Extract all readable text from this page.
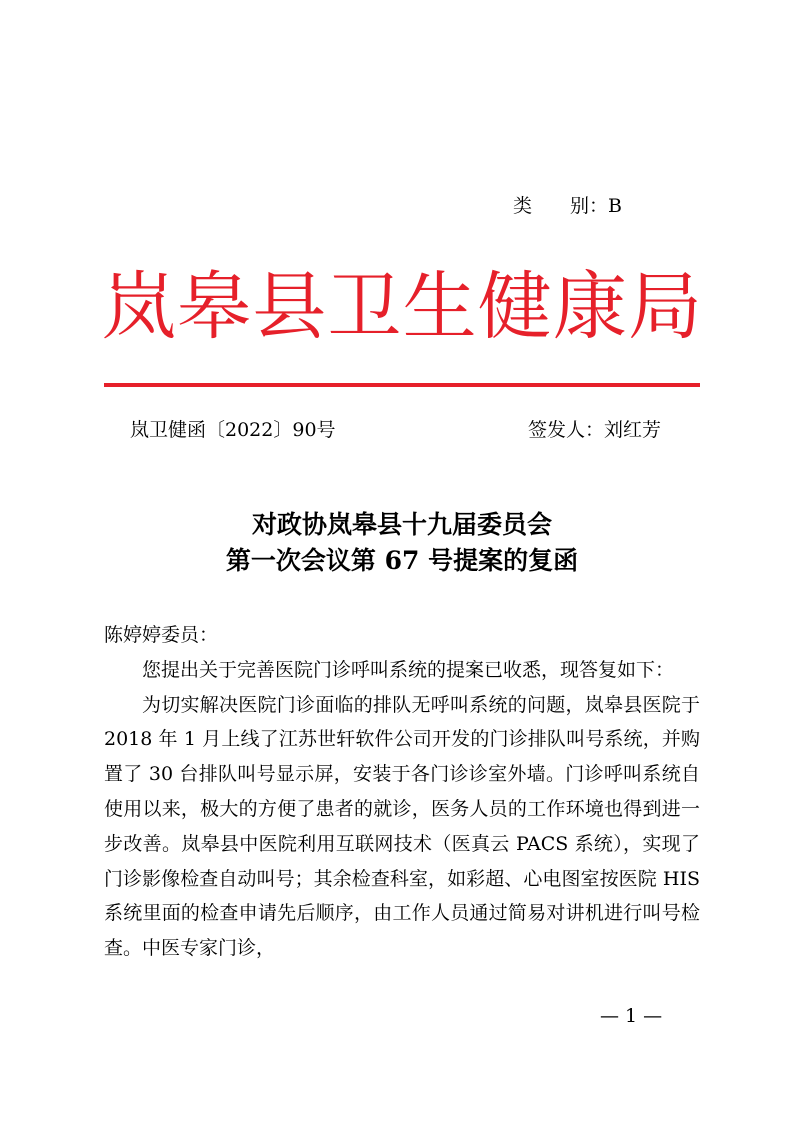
类　　别：B
岚 皋 县 卫 生 健 康 局
岚卫健函〔2022〕90号	签发人：刘红芳
对政协岚皋县十九届委员会
第一次会议第 67 号提案的复函

陈婷婷委员：

您提出关于完善医院门诊呼叫系统的提案已收悉，现答复如下：

为切实解决医院门诊面临的排队无呼叫系统的问题，岚皋县医院于 2018 年 1 月上线了江苏世轩软件公司开发的门诊排队叫号系统，并购置了 30 台排队叫号显示屏，安装于各门诊诊室外墙。门诊呼叫系统自使用以来，极大的方便了患者的就诊，医务人员的工作环境也得到进一步改善。岚皋县中医院利用互联网技术（医真云 PACS 系统），实现了门诊影像检查自动叫号；其余检查科室，如彩超、心电图室按医院 HIS 系统里面的检查申请先后顺序，由工作人员通过简易对讲机进行叫号检查。中医专家门诊，

— 1 —
